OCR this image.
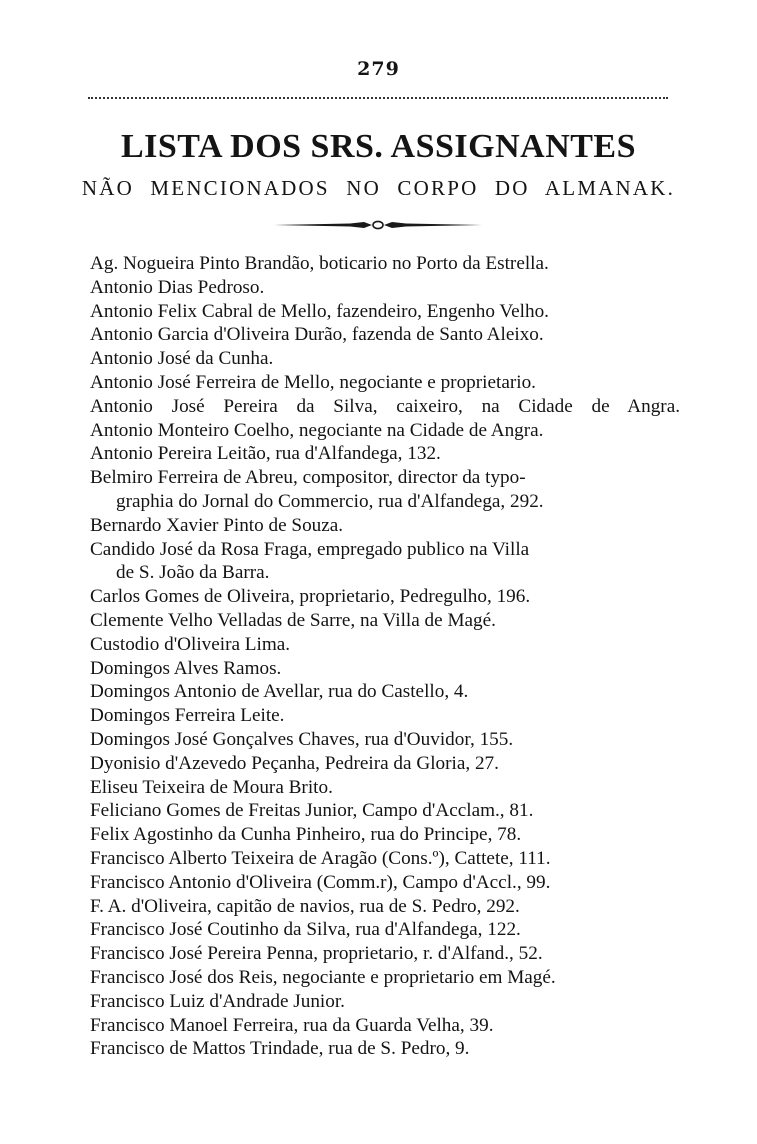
279
LISTA DOS SRS. ASSIGNANTES
NÃO MENCIONADOS NO CORPO DO ALMANAK.
Ag. Nogueira Pinto Brandão, boticario no Porto da Estrella.
Antonio Dias Pedroso.
Antonio Felix Cabral de Mello, fazendeiro, Engenho Velho.
Antonio Garcia d'Oliveira Durão, fazenda de Santo Aleixo.
Antonio José da Cunha.
Antonio José Ferreira de Mello, negociante e proprietario.
Antonio José Pereira da Silva, caixeiro, na Cidade de Angra.
Antonio Monteiro Coelho, negociante na Cidade de Angra.
Antonio Pereira Leitão, rua d'Alfandega, 132.
Belmiro Ferreira de Abreu, compositor, director da typo-
graphia do Jornal do Commercio, rua d'Alfandega, 292.
Bernardo Xavier Pinto de Souza.
Candido José da Rosa Fraga, empregado publico na Villa
de S. João da Barra.
Carlos Gomes de Oliveira, proprietario, Pedregulho, 196.
Clemente Velho Velladas de Sarre, na Villa de Magé.
Custodio d'Oliveira Lima.
Domingos Alves Ramos.
Domingos Antonio de Avellar, rua do Castello, 4.
Domingos Ferreira Leite.
Domingos José Gonçalves Chaves, rua d'Ouvidor, 155.
Dyonisio d'Azevedo Peçanha, Pedreira da Gloria, 27.
Eliseu Teixeira de Moura Brito.
Feliciano Gomes de Freitas Junior, Campo d'Acclam., 81.
Felix Agostinho da Cunha Pinheiro, rua do Principe, 78.
Francisco Alberto Teixeira de Aragão (Cons.º), Cattete, 111.
Francisco Antonio d'Oliveira (Comm.r), Campo d'Accl., 99.
F. A. d'Oliveira, capitão de navios, rua de S. Pedro, 292.
Francisco José Coutinho da Silva, rua d'Alfandega, 122.
Francisco José Pereira Penna, proprietario, r. d'Alfand., 52.
Francisco José dos Reis, negociante e proprietario em Magé.
Francisco Luiz d'Andrade Junior.
Francisco Manoel Ferreira, rua da Guarda Velha, 39.
Francisco de Mattos Trindade, rua de S. Pedro, 9.
